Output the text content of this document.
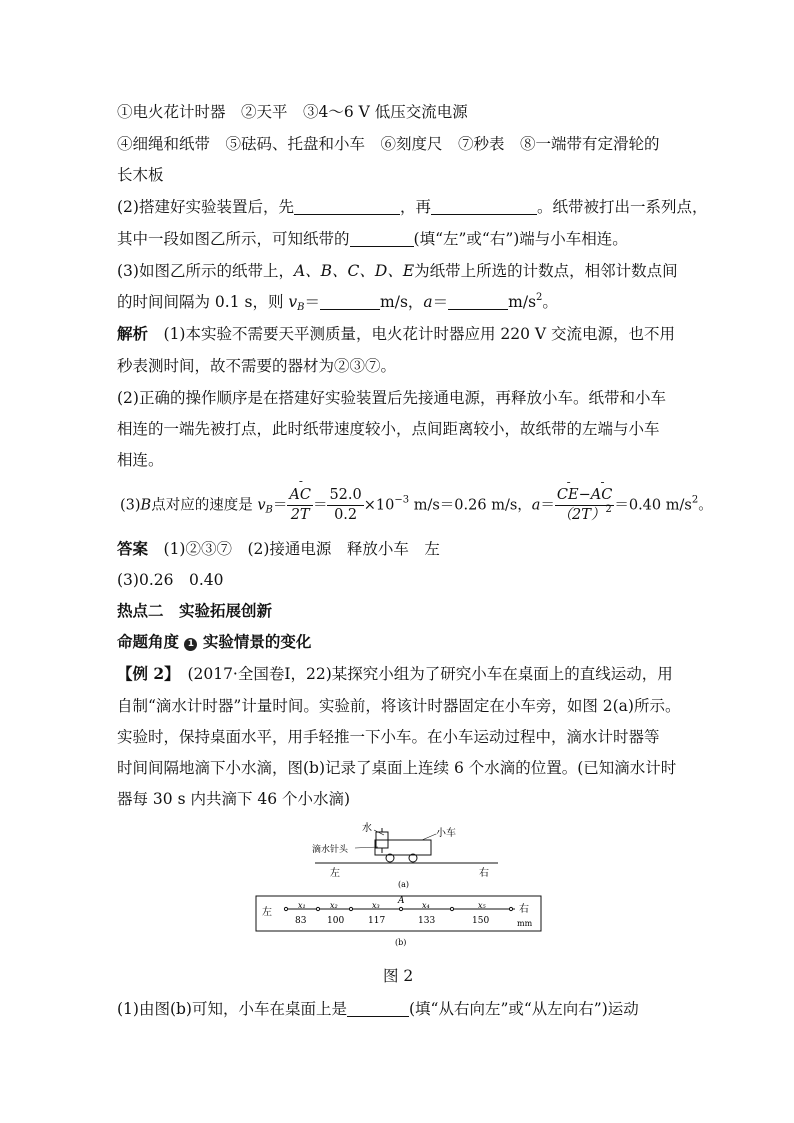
①电火花计时器　②天平　③4～6 V 低压交流电源
④细绳和纸带　⑤砝码、托盘和小车　⑥刻度尺　⑦秒表　⑧一端带有定滑轮的
长木板
(2)搭建好实验装置后，先	，再	。纸带被打出一系列点，
其中一段如图乙所示，可知纸带的	(填“左”或“右”)端与小车相连。
(3)如图乙所示的纸带上，A、B、C、D、E为纸带上所选的计数点，相邻计数点间
的时间间隔为 0.1 s，则 $v_B=$	m/s，a＝	$m/s^2$。
解析　(1)本实验不需要天平测质量，电火花计时器应用 220 V 交流电源，也不用
秒表测时间，故不需要的器材为②③⑦。
(2)正确的操作顺序是在搭建好实验装置后先接通电源，再释放小车。纸带和小车
相连的一端先被打点，此时纸带速度较小，点间距离较小，故纸带的左端与小车
相连。
(3)B点对应的速度是 $v_B=$
- $\frac{AC}{2T} = \frac{52.0}{0.2} \times 10^{-3}$ m/s＝0.26 m/s，a＝
- $\frac{CE-- AC}{(2T)^2} =0.40$ $m/s^2$。
答案　(1)②③⑦　(2)接通电源　释放小车　左
(3)0.26　0.40
热点二　实验拓展创新
命题角度 1 实验情景的变化
【例 2】　(2017·全国卷Ⅰ，22)某探究小组为了研究小车在桌面上的直线运动，用
自制“滴水计时器”计量时间。实验前，将该计时器固定在小车旁，如图 2(a)所示。
实验时，保持桌面水平，用手轻推一下小车。在小车运动过程中，滴水计时器等
时间间隔地滴下小水滴，图(b)记录了桌面上连续 6 个水滴的位置。(已知滴水计时
器每 30 s 内共滴下 46 个小水滴)
水
滴水针头
小车
左	右
(a)
左	右
mm
A
x₁	x₂	x₃	x₄	x₅
83 100	117	133	150
(b)
图 2
(1)由图(b)可知，小车在桌面上是	(填“从右向左”或“从左向右”)运动
